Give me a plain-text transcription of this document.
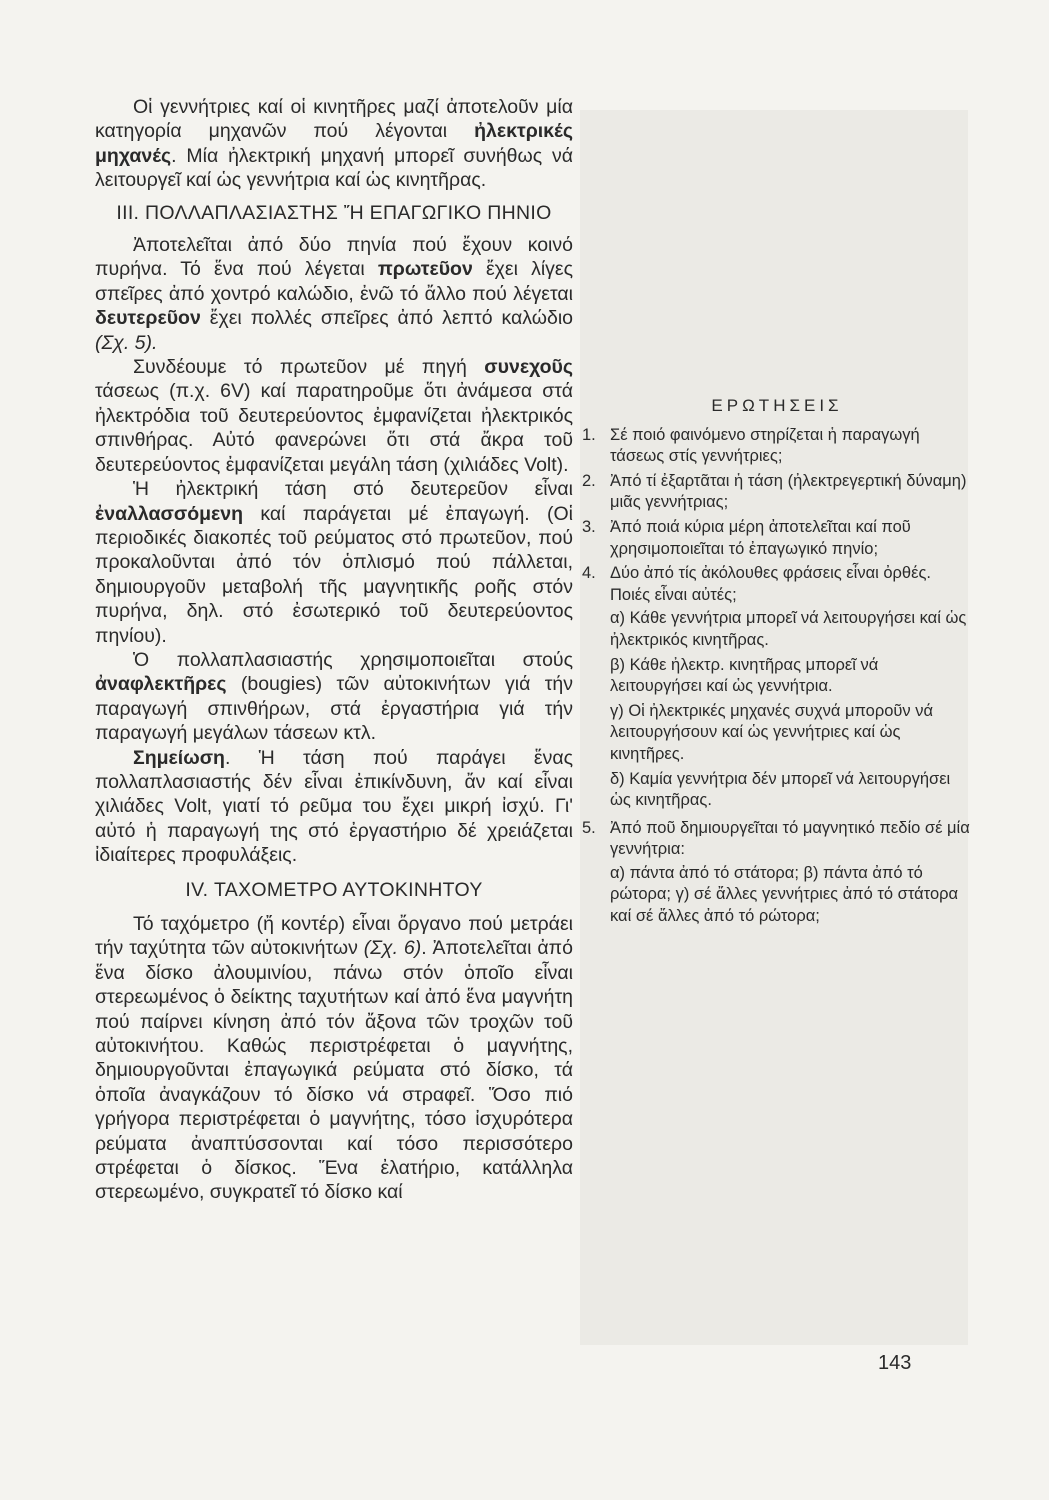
Οἱ γεννήτριες καί οἱ κινητῆρες μαζί ἀποτελοῦν μία κατηγορία μηχανῶν πού λέγονται ἠλεκτρικές μηχανές. Μία ἠλεκτρική μηχανή μπορεῖ συνήθως νά λειτουργεῖ καί ὡς γεννήτρια καί ὡς κινητῆρας.

III. ΠΟΛΛΑΠΛΑΣΙΑΣΤΗΣ Ἤ ΕΠΑΓΩΓΙΚΟ ΠΗΝΙΟ

Ἀποτελεῖται ἀπό δύο πηνία πού ἔχουν κοινό πυρήνα. Τό ἕνα πού λέγεται πρωτεῦον ἔχει λίγες σπεῖρες ἀπό χοντρό καλώδιο, ἐνῶ τό ἄλλο πού λέγεται δευτερεῦον ἔχει πολλές σπεῖρες ἀπό λεπτό καλώδιο (Σχ. 5).

Συνδέουμε τό πρωτεῦον μέ πηγή συνεχοῦς τάσεως (π.χ. 6V) καί παρατηροῦμε ὅτι ἀνάμεσα στά ἠλεκτρόδια τοῦ δευτερεύοντος ἐμφανίζεται ἠλεκτρικός σπινθήρας. Αὐτό φανερώνει ὅτι στά ἄκρα τοῦ δευτερεύοντος ἐμφανίζεται μεγάλη τάση (χιλιάδες Volt).

Ἡ ἠλεκτρική τάση στό δευτερεῦον εἶναι ἐναλλασσόμενη καί παράγεται μέ ἐπαγωγή. (Οἱ περιοδικές διακοπές τοῦ ρεύματος στό πρωτεῦον, πού προκαλοῦνται ἀπό τόν ὁπλισμό πού πάλλεται, δημιουργοῦν μεταβολή τῆς μαγνητικῆς ροῆς στόν πυρήνα, δηλ. στό ἐσωτερικό τοῦ δευτερεύοντος πηνίου).

Ὁ πολλαπλασιαστής χρησιμοποιεῖται στούς ἀναφλεκτῆρες (bougies) τῶν αὐτοκινήτων γιά τήν παραγωγή σπινθήρων, στά ἐργαστήρια γιά τήν παραγωγή μεγάλων τάσεων κτλ.

Σημείωση. Ἡ τάση πού παράγει ἕνας πολλαπλασιαστής δέν εἶναι ἐπικίνδυνη, ἄν καί εἶναι χιλιάδες Volt, γιατί τό ρεῦμα του ἔχει μικρή ἰσχύ. Γι' αὐτό ἡ παραγωγή της στό ἐργαστήριο δέ χρειάζεται ἰδιαίτερες προφυλάξεις.

IV. ΤΑΧΟΜΕΤΡΟ ΑΥΤΟΚΙΝΗΤΟΥ

Τό ταχόμετρο (ἤ κοντέρ) εἶναι ὄργανο πού μετράει τήν ταχύτητα τῶν αὐτοκινήτων (Σχ. 6). Ἀποτελεῖται ἀπό ἕνα δίσκο ἀλουμινίου, πάνω στόν ὁποῖο εἶναι στερεωμένος ὁ δείκτης ταχυτήτων καί ἀπό ἕνα μαγνήτη πού παίρνει κίνηση ἀπό τόν ἄξονα τῶν τροχῶν τοῦ αὐτοκινήτου. Καθώς περιστρέφεται ὁ μαγνήτης, δημιουργοῦνται ἐπαγωγικά ρεύματα στό δίσκο, τά ὁποῖα ἀναγκάζουν τό δίσκο νά στραφεῖ. Ὅσο πιό γρήγορα περιστρέφεται ὁ μαγνήτης, τόσο ἰσχυρότερα ρεύματα ἀναπτύσσονται καί τόσο περισσότερο στρέφεται ὁ δίσκος. Ἕνα ἐλατήριο, κατάλληλα στερεωμένο, συγκρατεῖ τό δίσκο καί

ΕΡΩΤΗΣΕΙΣ
1. Σέ ποιό φαινόμενο στηρίζεται ἡ παραγωγή τάσεως στίς γεννήτριες;

2. Ἀπό τί ἐξαρτᾶται ἡ τάση (ἠλεκτρεγερτική δύναμη) μιᾶς γεννήτριας;

3. Ἀπό ποιά κύρια μέρη ἀποτελεῖται καί ποῦ χρησιμοποιεῖται τό ἐπαγωγικό πηνίο;

4. Δύο ἀπό τίς ἀκόλουθες φράσεις εἶναι ὀρθές. Ποιές εἶναι αὐτές;

α) Κάθε γεννήτρια μπορεῖ νά λειτουργήσει καί ὡς ἠλεκτρικός κινητῆρας.

β) Κάθε ἠλεκτρ. κινητῆρας μπορεῖ νά λειτουργήσει καί ὡς γεννήτρια.

γ) Οἱ ἠλεκτρικές μηχανές συχνά μποροῦν νά λειτουργήσουν καί ὡς γεννήτριες καί ὡς κινητῆρες.

δ) Καμία γεννήτρια δέν μπορεῖ νά λειτουργήσει ὡς κινητῆρας.

5. Ἀπό ποῦ δημιουργεῖται τό μαγνητικό πεδίο σέ μία γεννήτρια:

α) πάντα ἀπό τό στάτορα; β) πάντα ἀπό τό ρώτορα; γ) σέ ἄλλες γεννήτριες ἀπό τό στάτορα καί σέ ἄλλες ἀπό τό ρώτορα;

143
